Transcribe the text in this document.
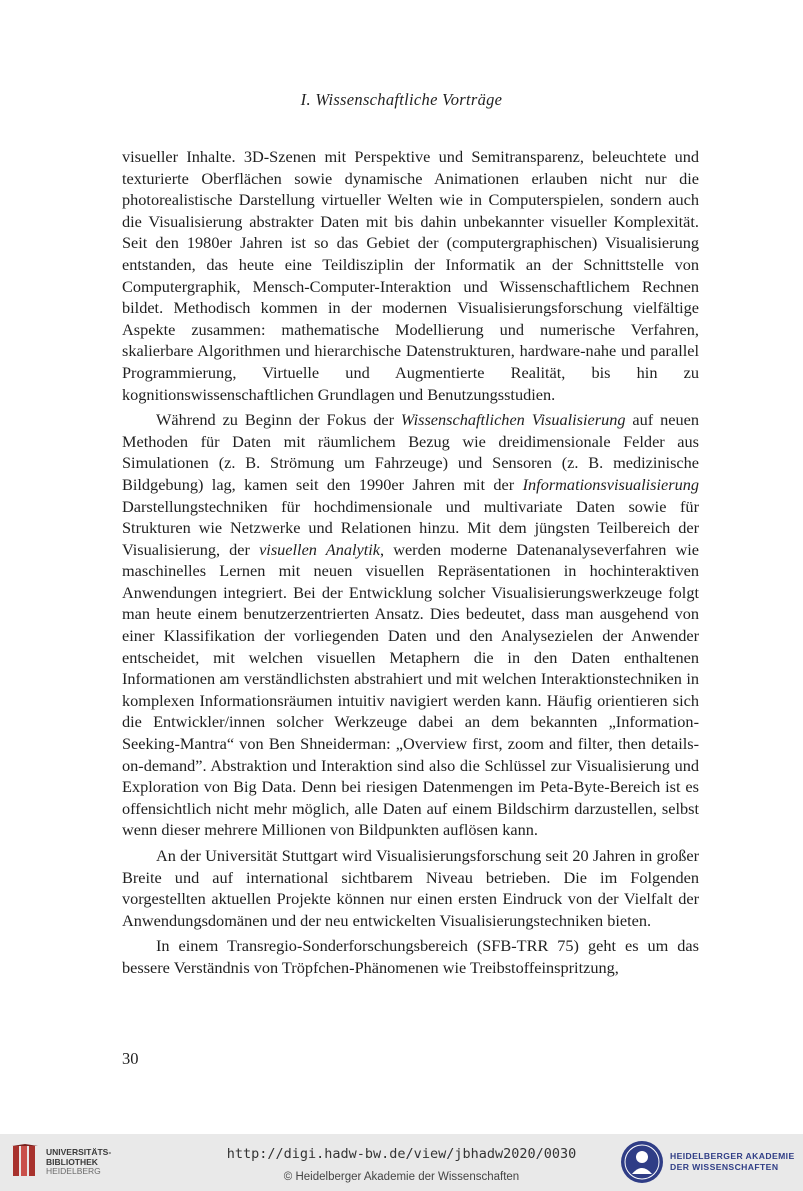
I. Wissenschaftliche Vorträge

visueller Inhalte. 3D-Szenen mit Perspektive und Semitransparenz, beleuchtete und texturierte Oberflächen sowie dynamische Animationen erlauben nicht nur die photorealistische Darstellung virtueller Welten wie in Computerspielen, sondern auch die Visualisierung abstrakter Daten mit bis dahin unbekannter visueller Komplexität. Seit den 1980er Jahren ist so das Gebiet der (computergraphischen) Visualisierung entstanden, das heute eine Teildisziplin der Informatik an der Schnittstelle von Computergraphik, Mensch-Computer-Interaktion und Wissenschaftlichem Rechnen bildet. Methodisch kommen in der modernen Visualisierungsforschung vielfältige Aspekte zusammen: mathematische Modellierung und numerische Verfahren, skalierbare Algorithmen und hierarchische Datenstrukturen, hardware-nahe und parallel Programmierung, Virtuelle und Augmentierte Realität, bis hin zu kognitionswissenschaftlichen Grundlagen und Benutzungsstudien.

Während zu Beginn der Fokus der Wissenschaftlichen Visualisierung auf neuen Methoden für Daten mit räumlichem Bezug wie dreidimensionale Felder aus Simulationen (z. B. Strömung um Fahrzeuge) und Sensoren (z. B. medizinische Bildgebung) lag, kamen seit den 1990er Jahren mit der Informationsvisualisierung Darstellungstechniken für hochdimensionale und multivariate Daten sowie für Strukturen wie Netzwerke und Relationen hinzu. Mit dem jüngsten Teilbereich der Visualisierung, der visuellen Analytik, werden moderne Datenanalyseverfahren wie maschinelles Lernen mit neuen visuellen Repräsentationen in hochinteraktiven Anwendungen integriert. Bei der Entwicklung solcher Visualisierungswerkzeuge folgt man heute einem benutzerzentrierten Ansatz. Dies bedeutet, dass man ausgehend von einer Klassifikation der vorliegenden Daten und den Analysezielen der Anwender entscheidet, mit welchen visuellen Metaphern die in den Daten enthaltenen Informationen am verständlichsten abstrahiert und mit welchen Interaktionstechniken in komplexen Informationsräumen intuitiv navigiert werden kann. Häufig orientieren sich die Entwickler/innen solcher Werkzeuge dabei an dem bekannten „Information-Seeking-Mantra“ von Ben Shneiderman: „Overview first, zoom and filter, then details-on-demand”. Abstraktion und Interaktion sind also die Schlüssel zur Visualisierung und Exploration von Big Data. Denn bei riesigen Datenmengen im Peta-Byte-Bereich ist es offensichtlich nicht mehr möglich, alle Daten auf einem Bildschirm darzustellen, selbst wenn dieser mehrere Millionen von Bildpunkten auflösen kann.

An der Universität Stuttgart wird Visualisierungsforschung seit 20 Jahren in großer Breite und auf international sichtbarem Niveau betrieben. Die im Folgenden vorgestellten aktuellen Projekte können nur einen ersten Eindruck von der Vielfalt der Anwendungsdomänen und der neu entwickelten Visualisierungstechniken bieten.

In einem Transregio-Sonderforschungsbereich (SFB-TRR 75) geht es um das bessere Verständnis von Tröpfchen-Phänomenen wie Treibstoffeinspritzung,

30
UNIVERSITÄTS-
BIBLIOTHEK
HEIDELBERG
http://digi.hadw-bw.de/view/jbhadw2020/0030
© Heidelberger Akademie der Wissenschaften
HEIDELBERGER AKADEMIE
DER WISSENSCHAFTEN
